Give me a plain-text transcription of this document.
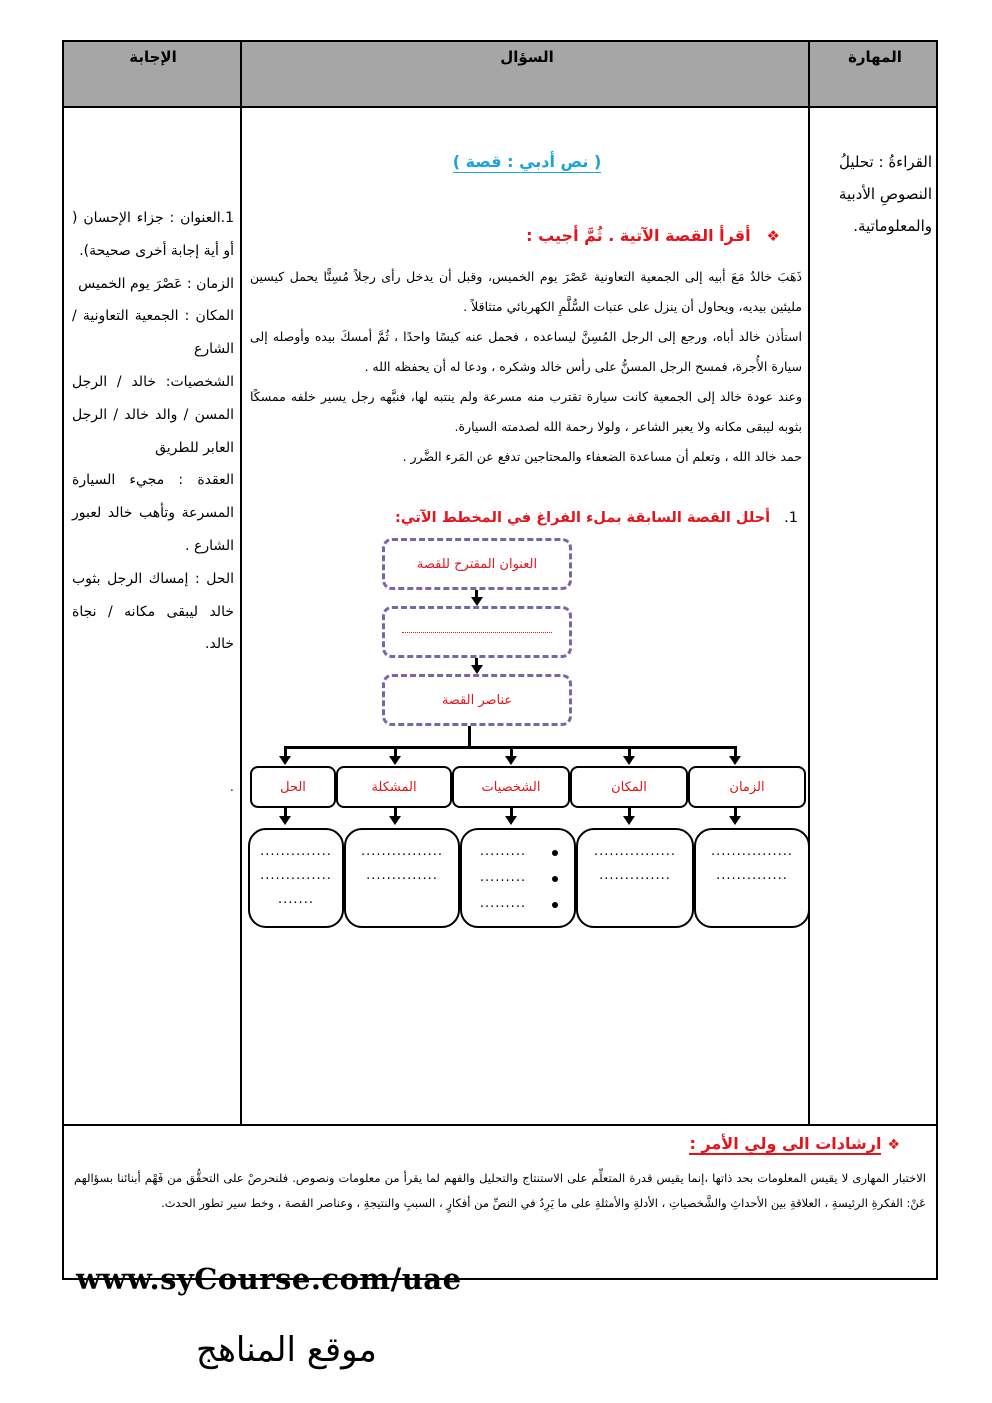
الإجابة	السؤال	المهارة
القراءةُ : تحليلُ
النصوصِ الأدبية
والمعلوماتية.
( نص أدبي : قصة )
❖أقرأ القصة الآتية . ثُمَّ أجيب :

ذَهَبَ خالدٌ مَعَ أبيه إلى الجمعية التعاونية عَصْرَ يوم الخميس، وقبل أن يدخل رأى رجلاً مُسِنًّا يحمل كيسين مليئين بيديه، ويحاول أن ينزل على عتبات السُّلَّمِ الكهربائي متثاقلاً .

استأذن خالد أباه، ورجع إلى الرجل المُسِنَّ ليساعده ، فحمل عنه كيسًا واحدًا ، ثُمَّ أمسكَ بيده وأوصله إلى سيارة الأُجرة، فمسح الرجل المسنُّ على رأس خالد وشكره ، ودعا له أن يحفظه الله .

وعند عودة خالد إلى الجمعية كانت سيارة تقترب منه مسرعة ولم ينتبه لها، فنبَّهه رجل يسير خلفه ممسكًا بثوبه ليبقى مكانه ولا يعبر الشاعر ، ولولا رحمة الله لصدمته السيارة.

حمد خالد الله ، وتعلم أن مساعدة الضعفاء والمحتاجين تدفع عن المَرء الضَّرر .

1.أحلل القصة السابقة بملء الفراغ في المخطط الآتي:
العنوان المقترح للقصة
عناصر القصة
الزمان
المكان
الشخصيات
المشكلة
الحل
................
..............
................
..............
.........
.........
.........
................
..............
..............
..............
.......

1.العنوان : جزاء الإحسان ( أو أية إجابة أخرى صحيحة).

الزمان : عَصْرَ يوم الخميس

المكان : الجمعية التعاونية / الشارع

الشخصيات: خالد / الرجل المسن / والد خالد / الرجل العابر للطريق

العقدة : مجيء السيارة المسرعة وتأهب خالد لعبور الشارع .

الحل : إمساك الرجل بثوب خالد ليبقى مكانه / نجاة خالد.

.
❖ارشادات الى ولي الأمر :
الاختبار المهارى لا يقيس المعلومات بحد ذاتها ،إنما يقيس قدرة المتعلِّم على الاستنتاج والتحليل والفهم لما يقرأ من معلومات ونصوص. فلنحرصْ على التحقُّق من فَهْم أبنائنا بسؤالهم عَنْ: الفكرةِ الرئيسةِ ، العلاقةِ بين الأحداثِ والشَّخصياتِ ، الأدلةِ والأمثلةِ على ما يَرِدُ في النصِّ من أفكارٍ ، السببِ والنتيجةِ ، وعناصر القصة ، وخط سير تطور الحدث.
www.syCourse.com/uae
موقع المناهج
